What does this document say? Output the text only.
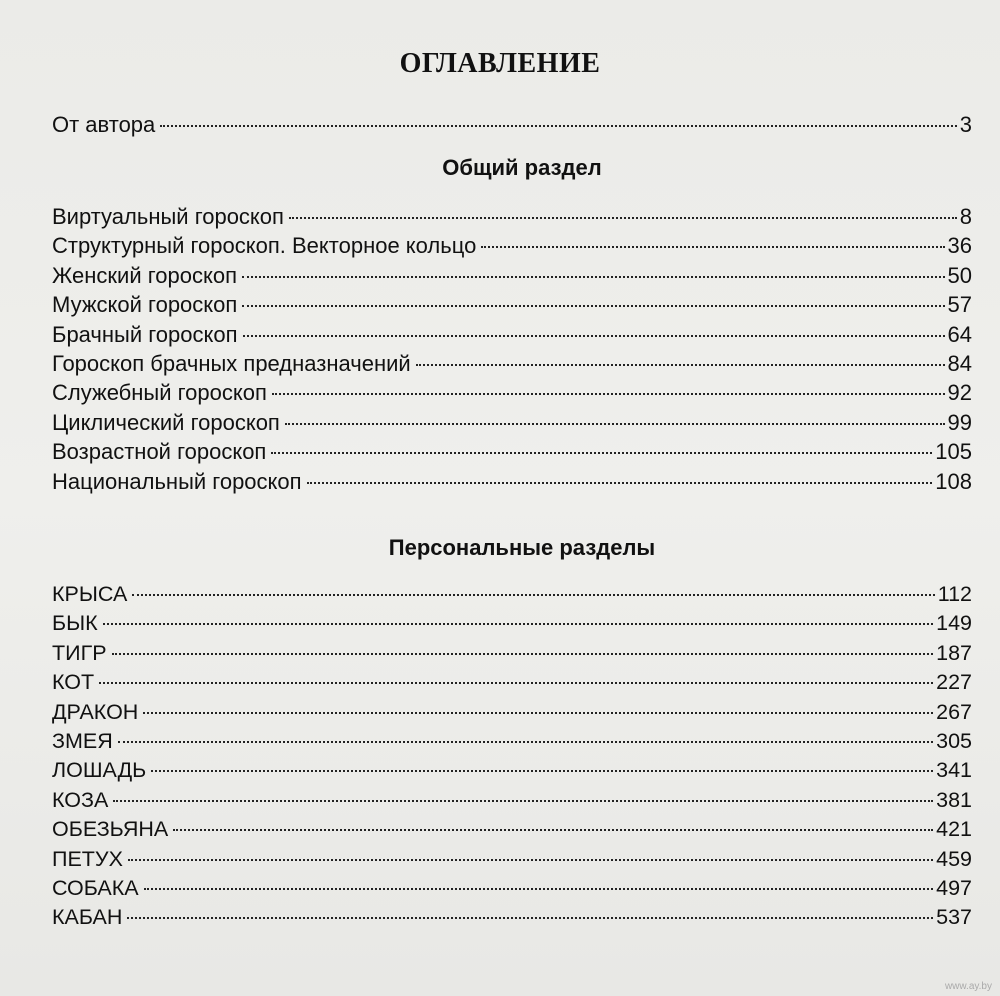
ОГЛАВЛЕНИЕ
От автора	3
Общий раздел
Виртуальный гороскоп	8
Структурный гороскоп. Векторное кольцо	36
Женский гороскоп	50
Мужской гороскоп	57
Брачный гороскоп	64
Гороскоп брачных предназначений	84
Служебный гороскоп	92
Циклический гороскоп	99
Возрастной гороскоп	105
Национальный гороскоп	108
Персональные разделы
КРЫСА	112
БЫК	149
ТИГР	187
КОТ	227
ДРАКОН	267
ЗМЕЯ	305
ЛОШАДЬ	341
КОЗА	381
ОБЕЗЬЯНА	421
ПЕТУХ	459
СОБАКА	497
КАБАН	537
www.ay.by
